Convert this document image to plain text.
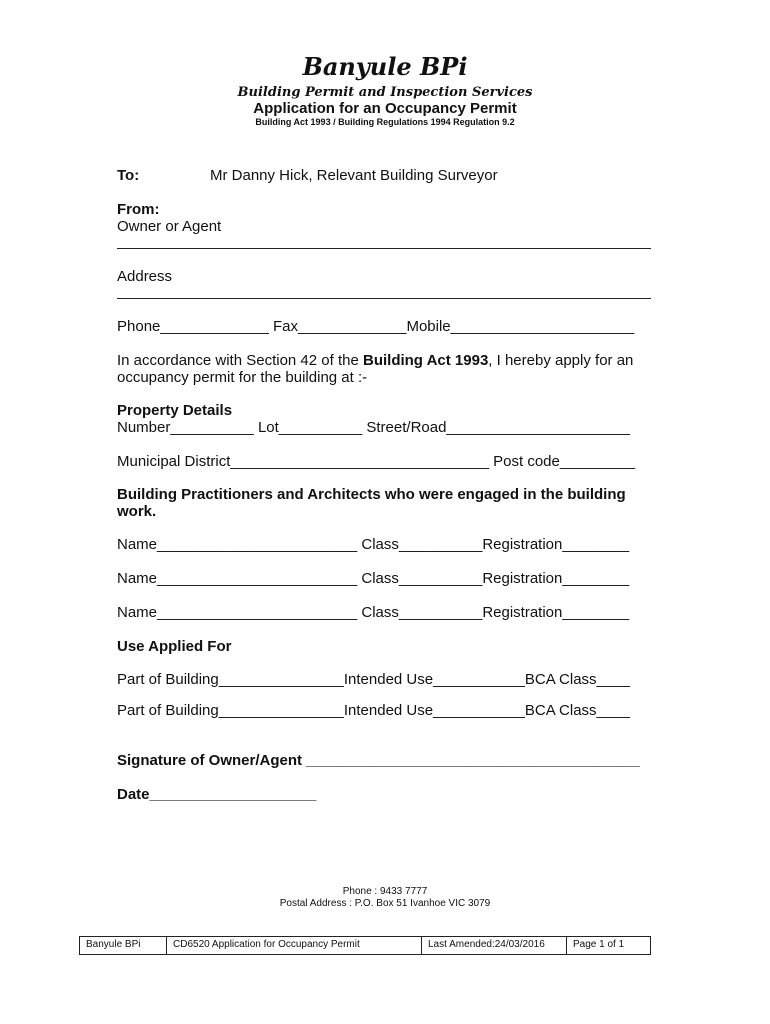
Banyule BPi
Building Permit and Inspection Services
Application for an Occupancy Permit
Building Act 1993 / Building Regulations 1994 Regulation 9.2
To:	Mr Danny Hick, Relevant Building Surveyor
From:
Owner or Agent
Address
Phone_____________ Fax_____________Mobile______________________
In accordance with Section 42 of the Building Act 1993, I hereby apply for an
occupancy permit for the building at :-
Property Details
Number__________ Lot__________ Street/Road______________________
Municipal District_______________________________ Post code_________
Building Practitioners and Architects who were engaged in the building
work.
Name________________________ Class__________Registration________
Name________________________ Class__________Registration________
Name________________________ Class__________Registration________
Use Applied For
Part of Building_______________Intended Use___________BCA Class____
Part of Building_______________Intended Use___________BCA Class____
Signature of Owner/Agent ________________________________________
Date____________________
Phone : 9433 7777
Postal Address : P.O. Box 51 Ivanhoe VIC 3079
Banyule BPi	CD6520 Application for Occupancy Permit	Last Amended:24/03/2016	Page 1 of 1
